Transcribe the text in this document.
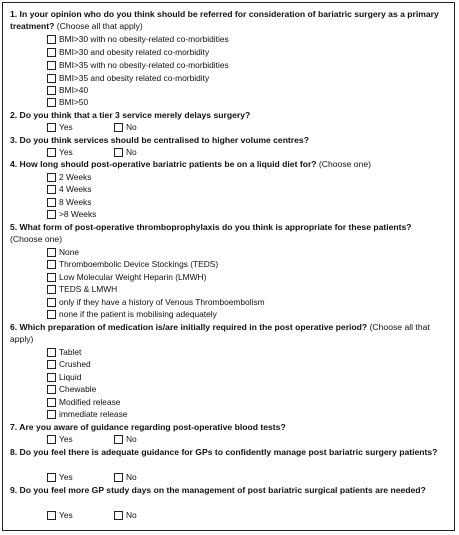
1. In your opinion who do you think should be referred for consideration of bariatric surgery as a primary treatment? (Choose all that apply)
BMI>30 with no obesity-related co-morbidities
BMI>30 and obesity related co-morbidity
BMI>35 with no obesity-related co-morbidities
BMI>35 and obesity related co-morbidity
BMI>40
BMI>50
2. Do you think that a tier 3 service merely delays surgery?
Yes	No
3. Do you think services should be centralised to higher volume centres?
Yes	No
4. How long should post-operative bariatric patients be on a liquid diet for? (Choose one)
2 Weeks
4 Weeks
8 Weeks
>8 Weeks
5. What form of post-operative thromboprophylaxis do you think is appropriate for these patients? (Choose one)
None
Thromboembolic Device Stockings (TEDS)
Low Molecular Weight Heparin (LMWH)
TEDS & LMWH
only if they have a history of Venous Thromboembolism
none if the patient is mobilising adequately
6. Which preparation of medication is/are initially required in the post operative period? (Choose all that apply)
Tablet
Crushed
Liquid
Chewable
Modified release
immediate release
7. Are you aware of guidance regarding post-operative blood tests?
Yes	No
8. Do you feel there is adequate guidance for GPs to confidently manage post bariatric surgery patients?
Yes	No
9. Do you feel more GP study days on the management of post bariatric surgical patients are needed?
Yes	No
